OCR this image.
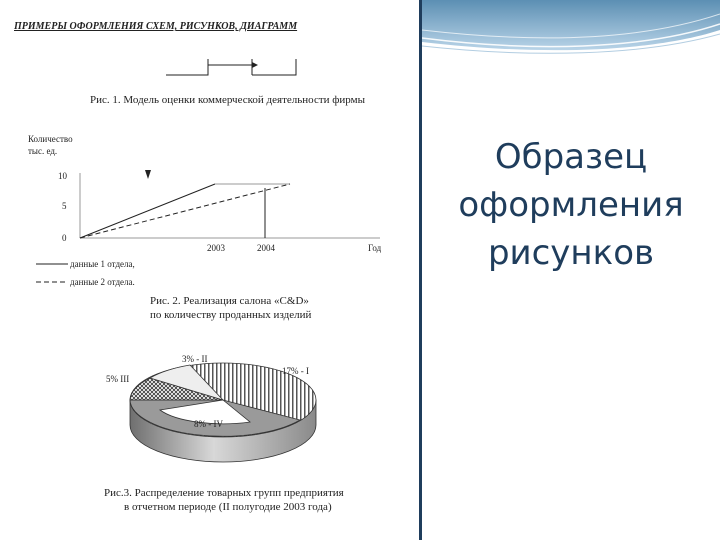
ПРИМЕРЫ ОФОРМЛЕНИЯ СХЕМ, РИСУНКОВ, ДИАГРАММ
Рис. 1. Модель оценки коммерческой деятельности фирмы
Количество
тыс. ед.
10
5
0
2003	2004	Год
данные 1 отдела,
данные 2 отдела.
Рис. 2. Реализация салона «С&D»
по количеству проданных изделий
3% - II
17% - I
5% III
8% - IV
Рис.3. Распределение товарных групп предприятия
в отчетном периоде (II полугодие 2003 года)
Образец
оформления
рисунков
